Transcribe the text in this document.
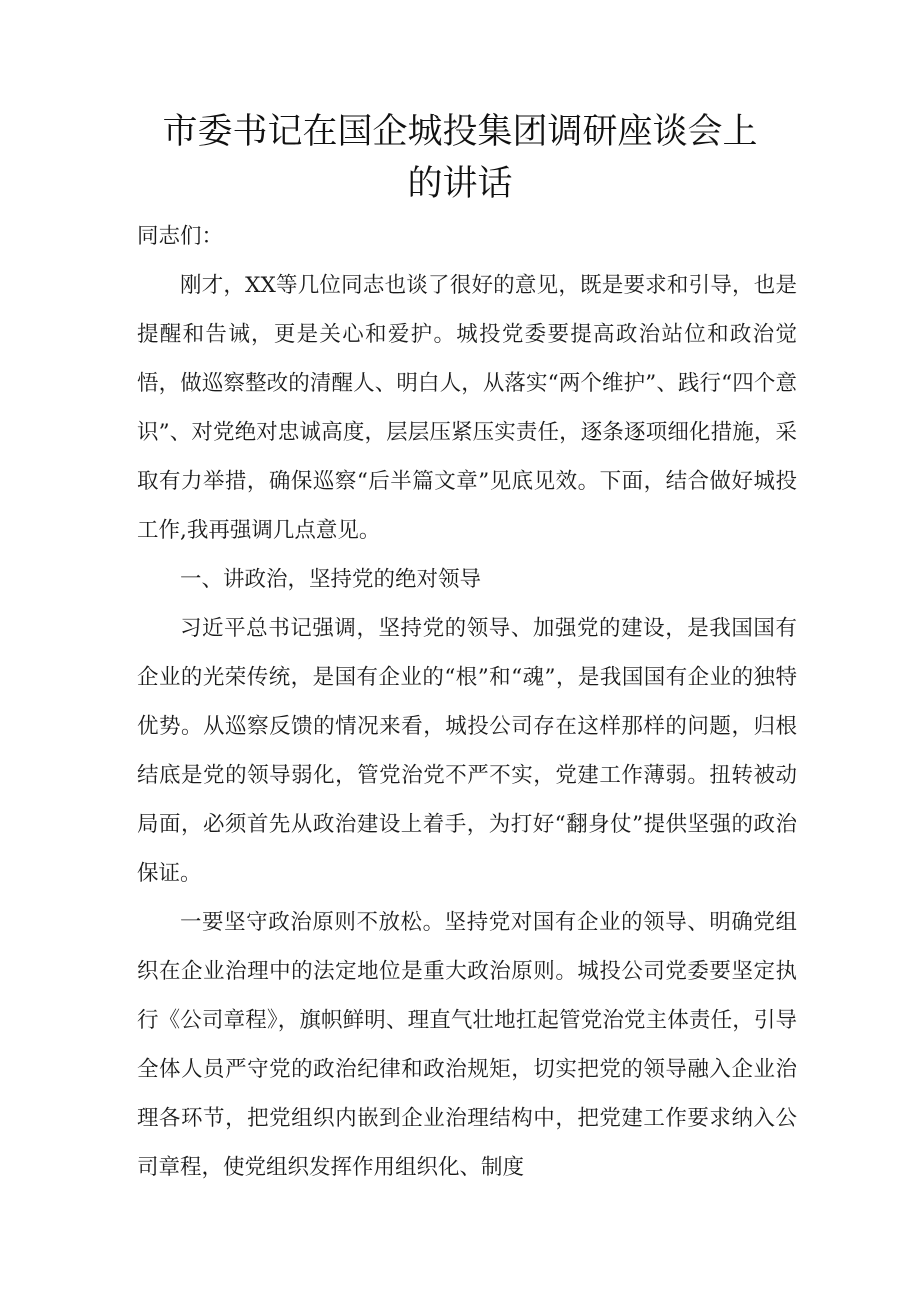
市委书记在国企城投集团调研座谈会上
的讲话

同志们：

刚才，XX等几位同志也谈了很好的意见，既是要求和引导，也是提醒和告诫，更是关心和爱护。城投党委要提高政治站位和政治觉悟，做巡察整改的清醒人、明白人，从落实“两个维护”、践行“四个意识”、对党绝对忠诚高度，层层压紧压实责任，逐条逐项细化措施，采取有力举措，确保巡察“后半篇文章”见底见效。下面，结合做好城投工作,我再强调几点意见。

一、讲政治，坚持党的绝对领导

习近平总书记强调，坚持党的领导、加强党的建设，是我国国有企业的光荣传统，是国有企业的“根”和“魂”，是我国国有企业的独特优势。从巡察反馈的情况来看，城投公司存在这样那样的问题，归根结底是党的领导弱化，管党治党不严不实，党建工作薄弱。扭转被动局面，必须首先从政治建设上着手，为打好“翻身仗”提供坚强的政治保证。

一要坚守政治原则不放松。坚持党对国有企业的领导、明确党组织在企业治理中的法定地位是重大政治原则。城投公司党委要坚定执行《公司章程》，旗帜鲜明、理直气壮地扛起管党治党主体责任，引导全体人员严守党的政治纪律和政治规矩，切实把党的领导融入企业治理各环节，把党组织内嵌到企业治理结构中，把党建工作要求纳入公司章程，使党组织发挥作用组织化、制度
